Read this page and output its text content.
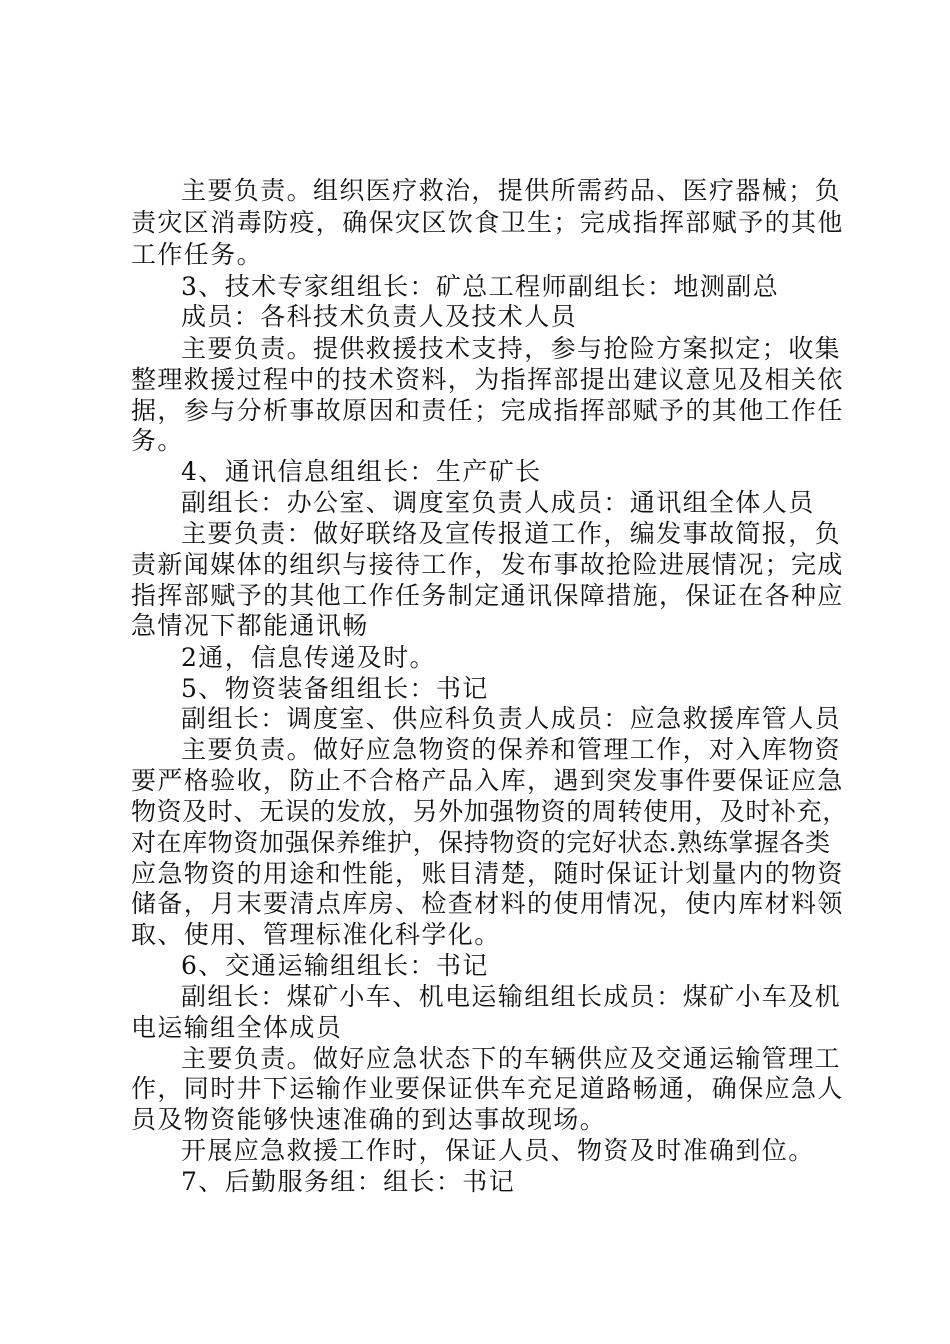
主要负责。组织医疗救治，提供所需药品、医疗器械；负
责灾区消毒防疫，确保灾区饮食卫生；完成指挥部赋予的其他
工作任务。
3、技术专家组组长：矿总工程师副组长：地测副总
成员：各科技术负责人及技术人员
主要负责。提供救援技术支持，参与抢险方案拟定；收集
整理救援过程中的技术资料，为指挥部提出建议意见及相关依
据，参与分析事故原因和责任；完成指挥部赋予的其他工作任
务。
4、通讯信息组组长：生产矿长
副组长：办公室、调度室负责人成员：通讯组全体人员
主要负责：做好联络及宣传报道工作，编发事故简报，负
责新闻媒体的组织与接待工作，发布事故抢险进展情况；完成
指挥部赋予的其他工作任务制定通讯保障措施，保证在各种应
急情况下都能通讯畅
2通，信息传递及时。
5、物资装备组组长：书记
副组长：调度室、供应科负责人成员：应急救援库管人员
主要负责。做好应急物资的保养和管理工作，对入库物资
要严格验收，防止不合格产品入库，遇到突发事件要保证应急
物资及时、无误的发放，另外加强物资的周转使用，及时补充，
对在库物资加强保养维护，保持物资的完好状态.熟练掌握各类
应急物资的用途和性能，账目清楚，随时保证计划量内的物资
储备，月末要清点库房、检查材料的使用情况，使内库材料领
取、使用、管理标准化科学化。
6、交通运输组组长：书记
副组长：煤矿小车、机电运输组组长成员：煤矿小车及机
电运输组全体成员
主要负责。做好应急状态下的车辆供应及交通运输管理工
作，同时井下运输作业要保证供车充足道路畅通，确保应急人
员及物资能够快速准确的到达事故现场。
开展应急救援工作时，保证人员、物资及时准确到位。
7、后勤服务组：组长：书记
